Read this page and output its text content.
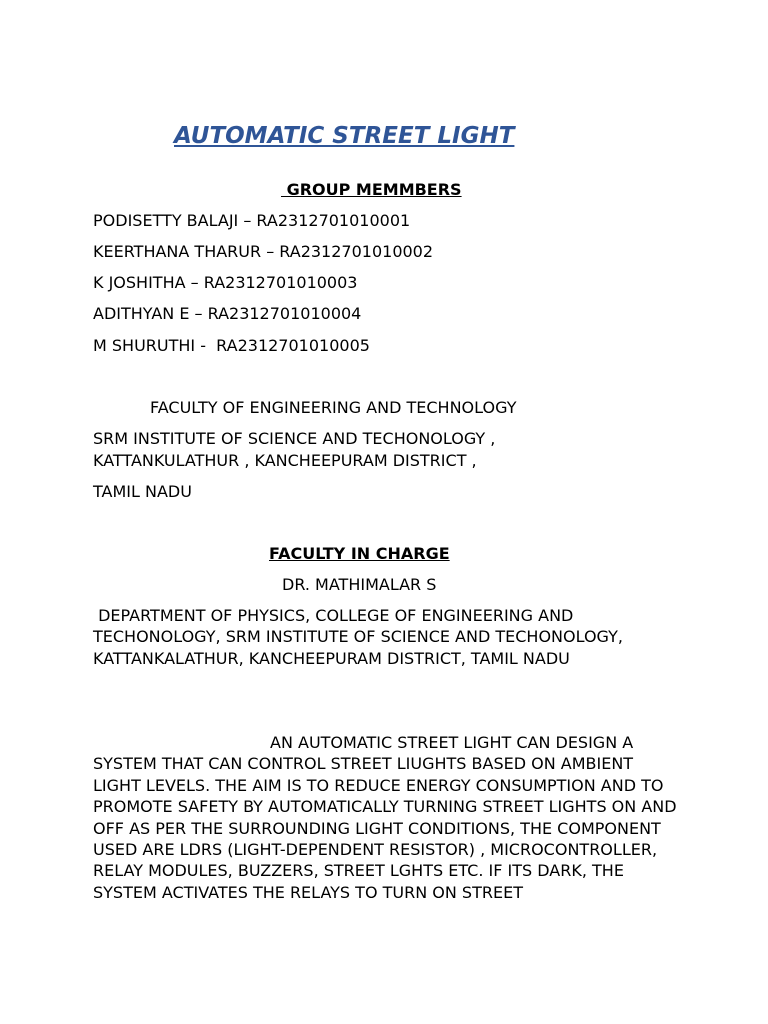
AUTOMATIC STREET LIGHT
GROUP MEMMBERS
PODISETTY BALAJI – RA2312701010001
KEERTHANA THARUR – RA2312701010002
K JOSHITHA – RA2312701010003
ADITHYAN E – RA2312701010004
M SHURUTHI -  RA2312701010005
FACULTY OF ENGINEERING AND TECHNOLOGY
SRM INSTITUTE OF SCIENCE AND TECHONOLOGY ,
KATTANKULATHUR , KANCHEEPURAM DISTRICT ,
TAMIL NADU
FACULTY IN CHARGE
DR. MATHIMALAR S
DEPARTMENT OF PHYSICS, COLLEGE OF ENGINEERING AND TECHONOLOGY, SRM INSTITUTE OF SCIENCE AND TECHONOLOGY, KATTANKALATHUR, KANCHEEPURAM DISTRICT, TAMIL NADU
AN AUTOMATIC STREET LIGHT CAN DESIGN A SYSTEM THAT CAN CONTROL STREET LIUGHTS BASED ON AMBIENT LIGHT LEVELS. THE AIM IS TO REDUCE ENERGY CONSUMPTION AND TO PROMOTE SAFETY BY AUTOMATICALLY TURNING STREET LIGHTS ON AND OFF AS PER THE SURROUNDING LIGHT CONDITIONS, THE COMPONENT USED ARE LDRS (LIGHT-DEPENDENT RESISTOR) , MICROCONTROLLER, RELAY MODULES, BUZZERS, STREET LGHTS ETC. IF ITS DARK, THE SYSTEM ACTIVATES THE RELAYS TO TURN ON STREET
